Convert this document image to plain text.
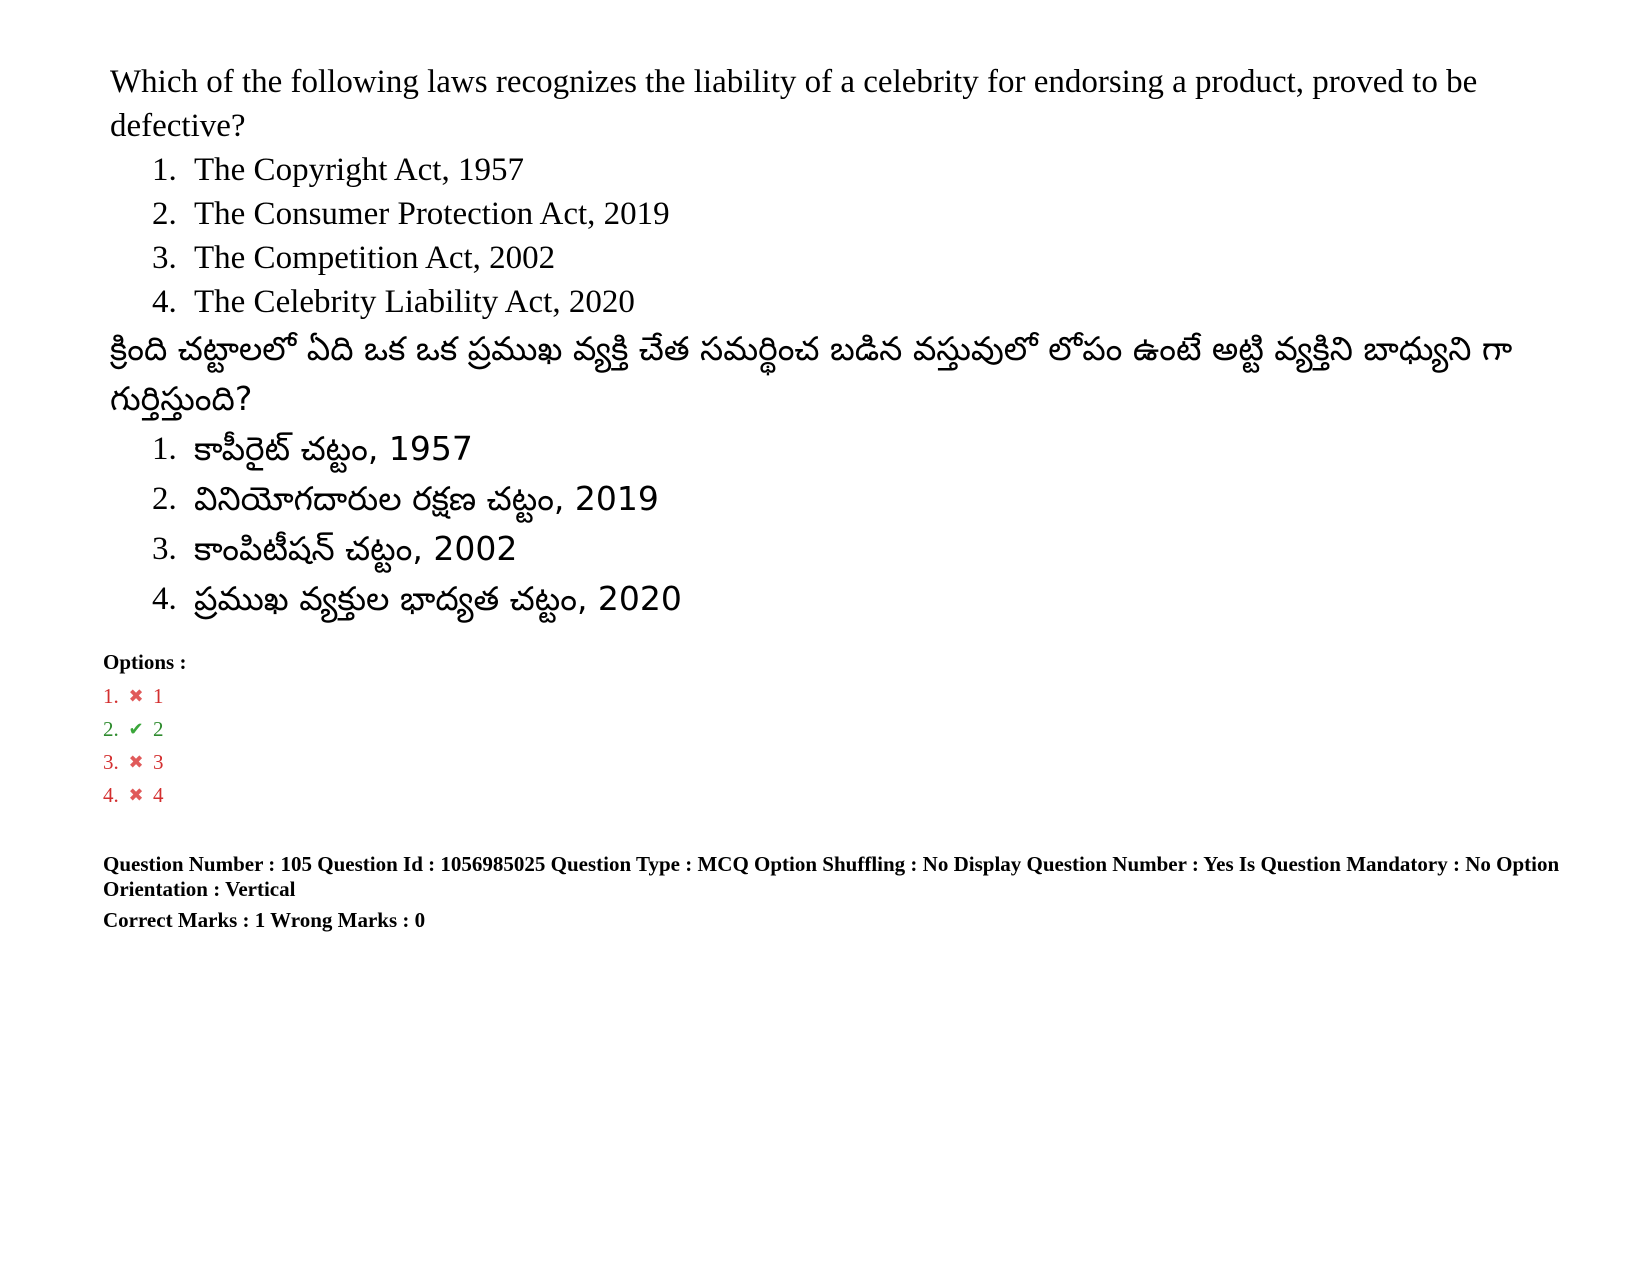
Which of the following laws recognizes the liability of a celebrity for endorsing a product, proved to be defective?

1. The Copyright Act, 1957
2. The Consumer Protection Act, 2019
3. The Competition Act, 2002
4. The Celebrity Liability Act, 2020

క్రింది చట్టాలలో ఏది ఒక ఒక ప్రముఖ వ్యక్తి చేత సమర్థించ బడిన వస్తువులో లోపం ఉంటే అట్టి వ్యక్తిని బాధ్యుని గా గుర్తిస్తుంది?

1. కాపీరైట్ చట్టం, 1957
2. వినియోగదారుల రక్షణ చట్టం, 2019
3. కాంపిటీషన్ చట్టం, 2002
4. ప్రముఖ వ్యక్తుల భాద్యత చట్టం, 2020

Options :

1. ✖ 1
2. ✔ 2
3. ✖ 3
4. ✖ 4

Question Number : 105 Question Id : 1056985025 Question Type : MCQ Option Shuffling : No Display Question Number : Yes Is Question Mandatory : No Option Orientation : Vertical

Correct Marks : 1 Wrong Marks : 0
